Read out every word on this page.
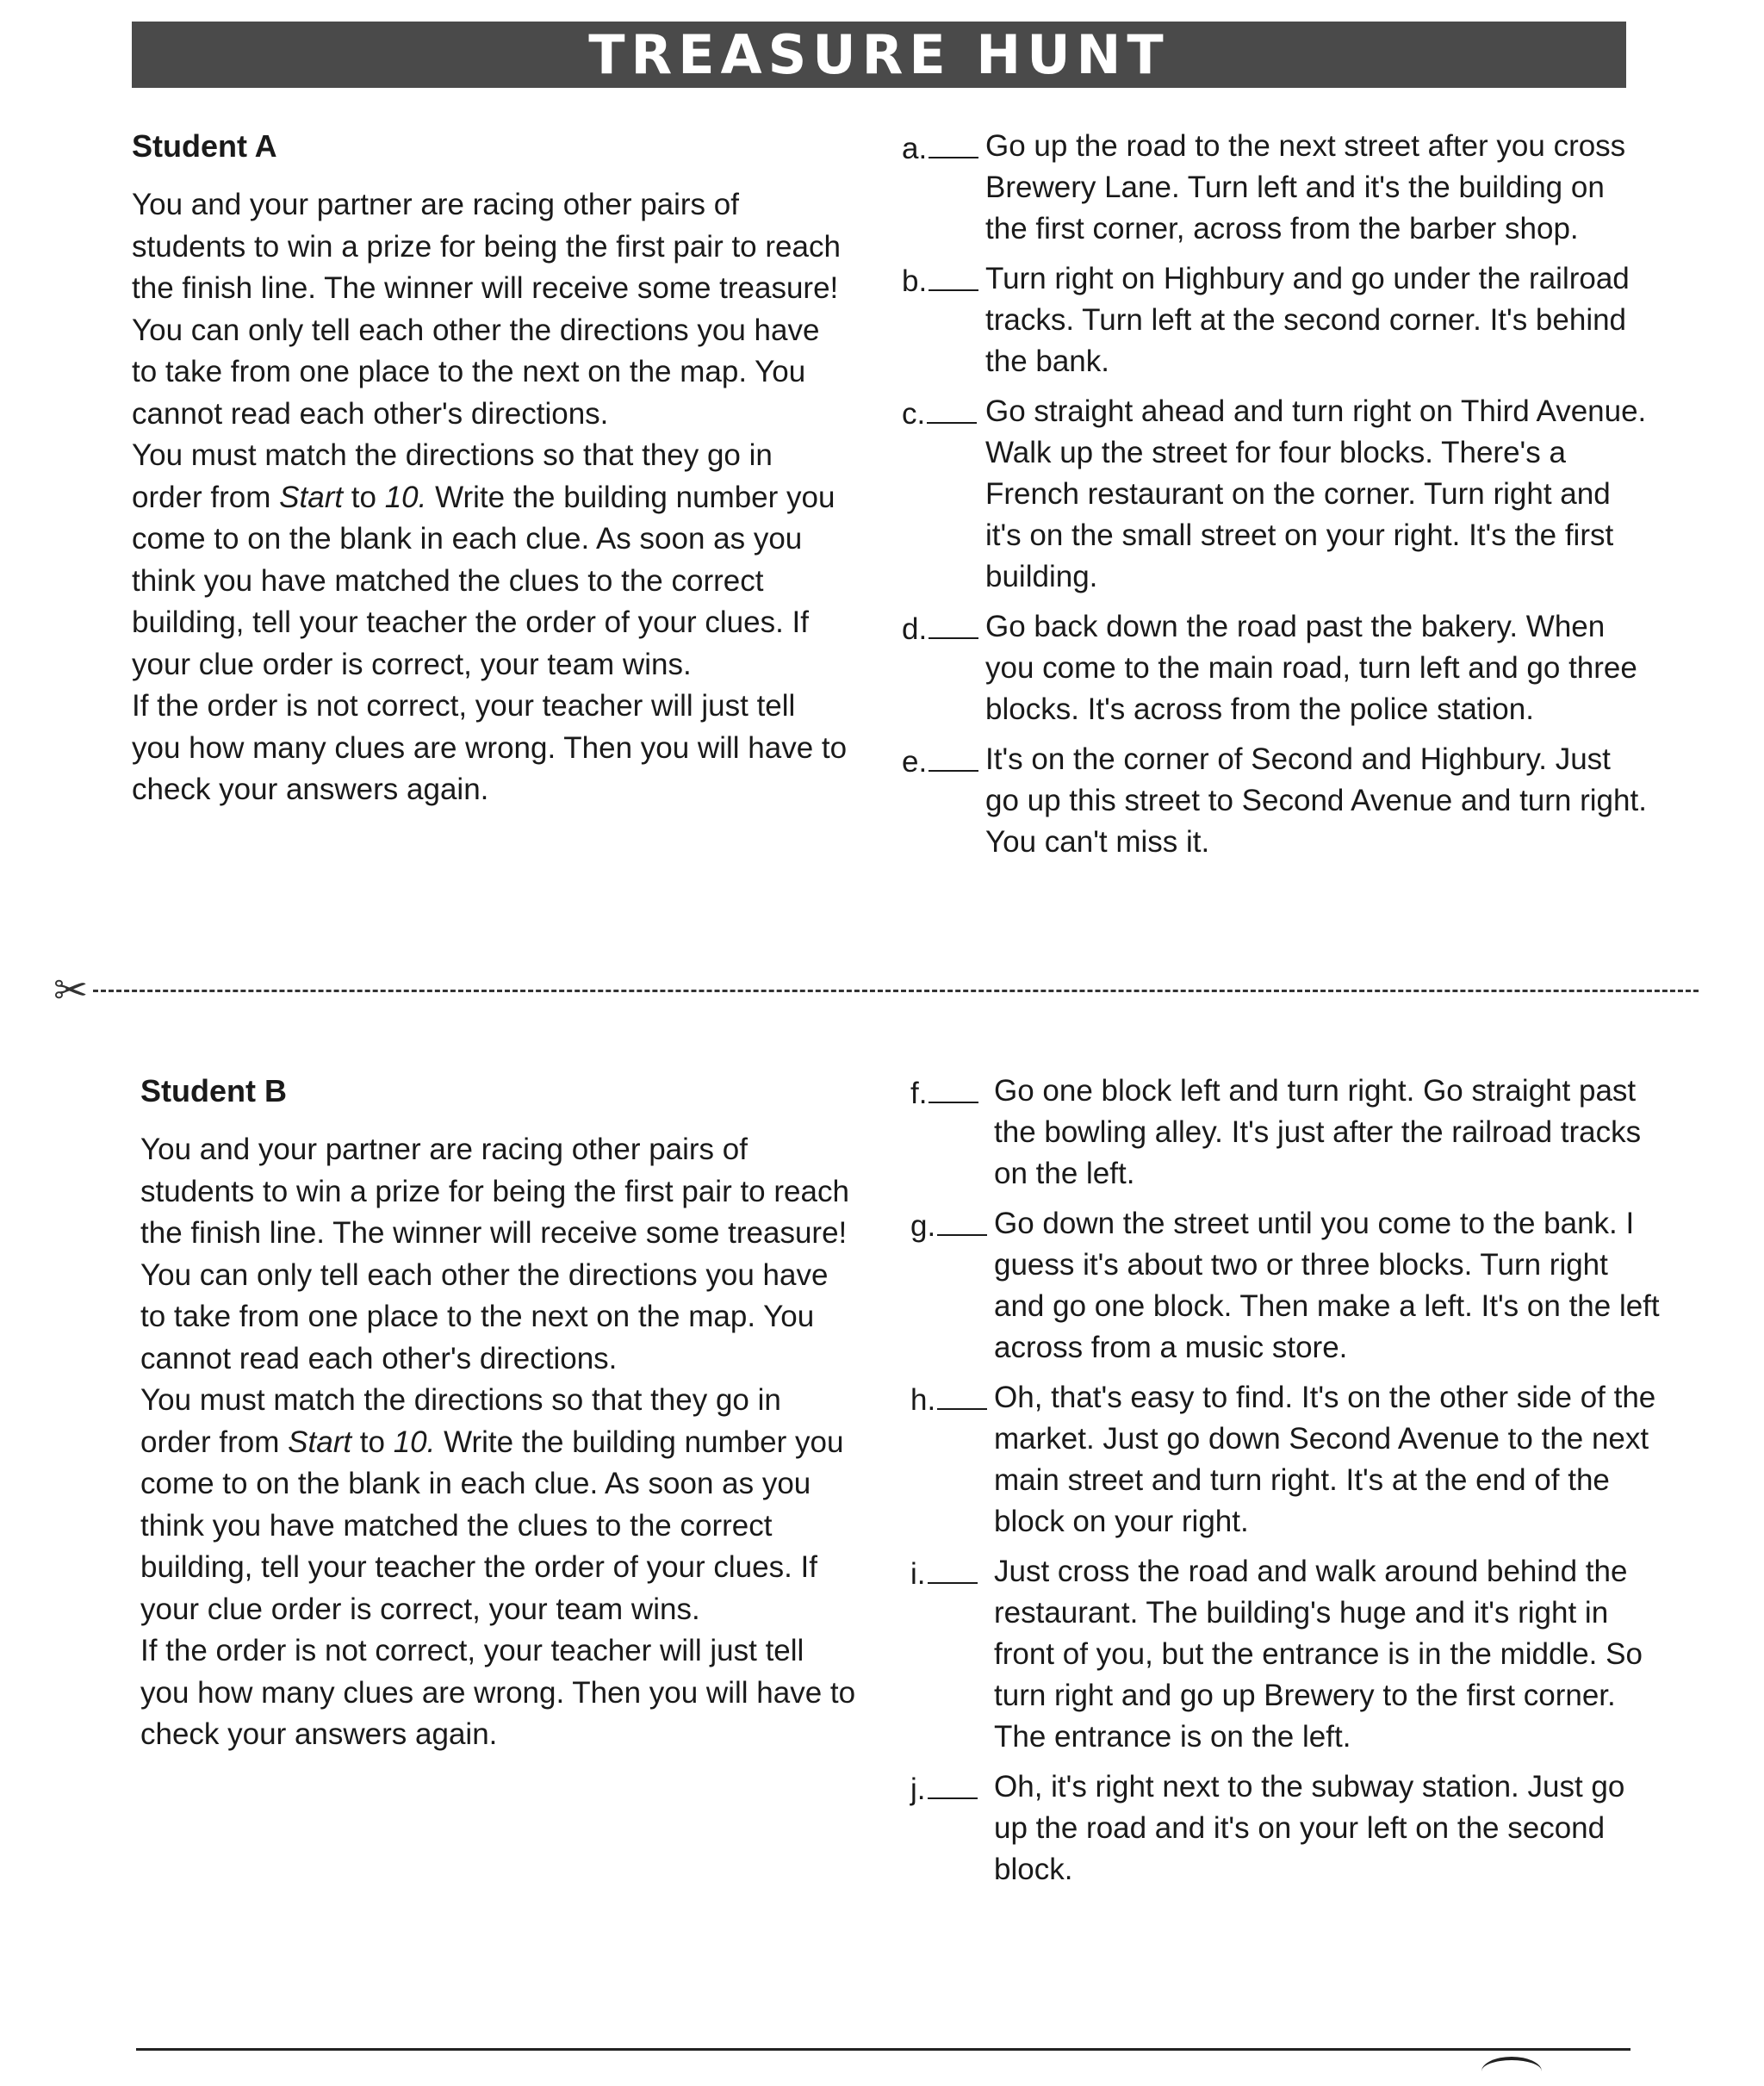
TREASURE HUNT
Student A

You and your partner are racing other pairs of students to win a prize for being the first pair to reach the finish line. The winner will receive some treasure!

You can only tell each other the directions you have to take from one place to the next on the map. You cannot read each other's directions.

You must match the directions so that they go in order from Start to 10. Write the building number you come to on the blank in each clue. As soon as you think you have matched the clues to the correct building, tell your teacher the order of your clues. If your clue order is correct, your team wins.

If the order is not correct, your teacher will just tell you how many clues are wrong. Then you will have to check your answers again.

a.	Go up the road to the next street after you cross Brewery Lane. Turn left and it's the building on the first corner, across from the barber shop.
b.	Turn right on Highbury and go under the railroad tracks. Turn left at the second corner. It's behind the bank.
c.	Go straight ahead and turn right on Third Avenue. Walk up the street for four blocks. There's a French restaurant on the corner. Turn right and it's on the small street on your right. It's the first building.
d.	Go back down the road past the bakery. When you come to the main road, turn left and go three blocks. It's across from the police station.
e.	It's on the corner of Second and Highbury. Just go up this street to Second Avenue and turn right. You can't miss it.
✂
Student B

You and your partner are racing other pairs of students to win a prize for being the first pair to reach the finish line. The winner will receive some treasure!

You can only tell each other the directions you have to take from one place to the next on the map. You cannot read each other's directions.

You must match the directions so that they go in order from Start to 10. Write the building number you come to on the blank in each clue. As soon as you think you have matched the clues to the correct building, tell your teacher the order of your clues. If your clue order is correct, your team wins.

If the order is not correct, your teacher will just tell you how many clues are wrong. Then you will have to check your answers again.

f.	Go one block left and turn right. Go straight past the bowling alley. It's just after the railroad tracks on the left.
g.	Go down the street until you come to the bank. I guess it's about two or three blocks. Turn right and go one block. Then make a left. It's on the left across from a music store.
h.	Oh, that's easy to find. It's on the other side of the market. Just go down Second Avenue to the next main street and turn right. It's at the end of the block on your right.
i.	Just cross the road and walk around behind the restaurant. The building's huge and it's right in front of you, but the entrance is in the middle. So turn right and go up Brewery to the first corner. The entrance is on the left.
j.	Oh, it's right next to the subway station. Just go up the road and it's on your left on the second block.
